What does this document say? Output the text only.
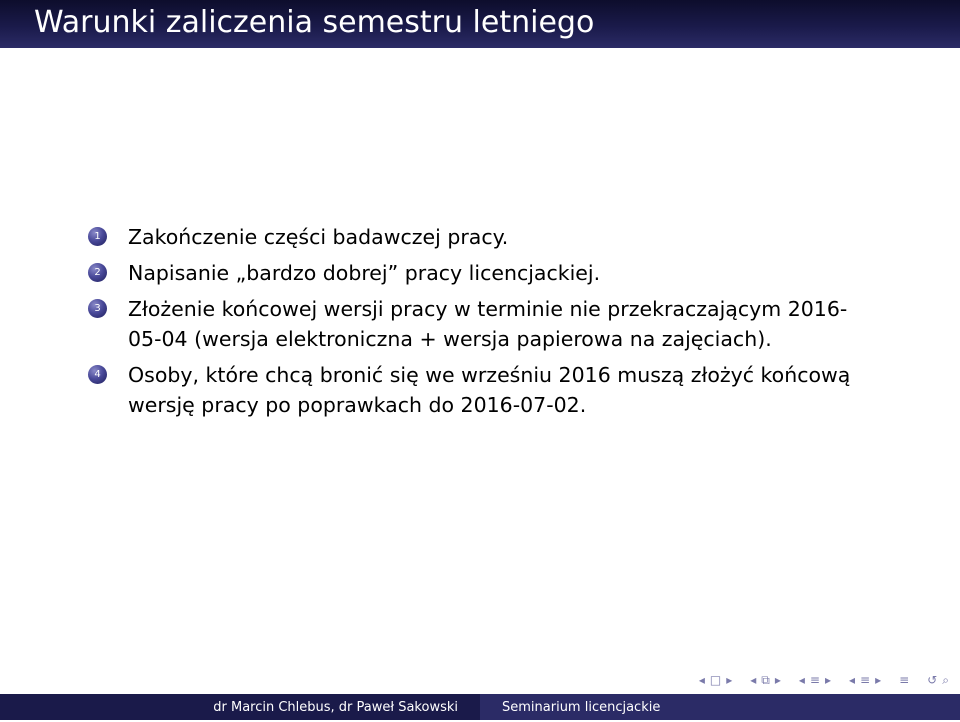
Warunki zaliczenia semestru letniego
1	Zakończenie części badawczej pracy.
2	Napisanie „bardzo dobrej” pracy licencjackiej.
3	Złożenie końcowej wersji pracy w terminie nie przekraczającym 2016-05-04 (wersja elektroniczna + wersja papierowa na zajęciach).
4	Osoby, które chcą bronić się we wrześniu 2016 muszą złożyć końcową wersję pracy po poprawkach do 2016-07-02.
◂ □ ▸ ◂ ⧉ ▸ ◂ ≡ ▸ ◂ ≡ ▸ ≡ ↺ ⌕
dr Marcin Chlebus, dr Paweł Sakowski	Seminarium licencjackie
